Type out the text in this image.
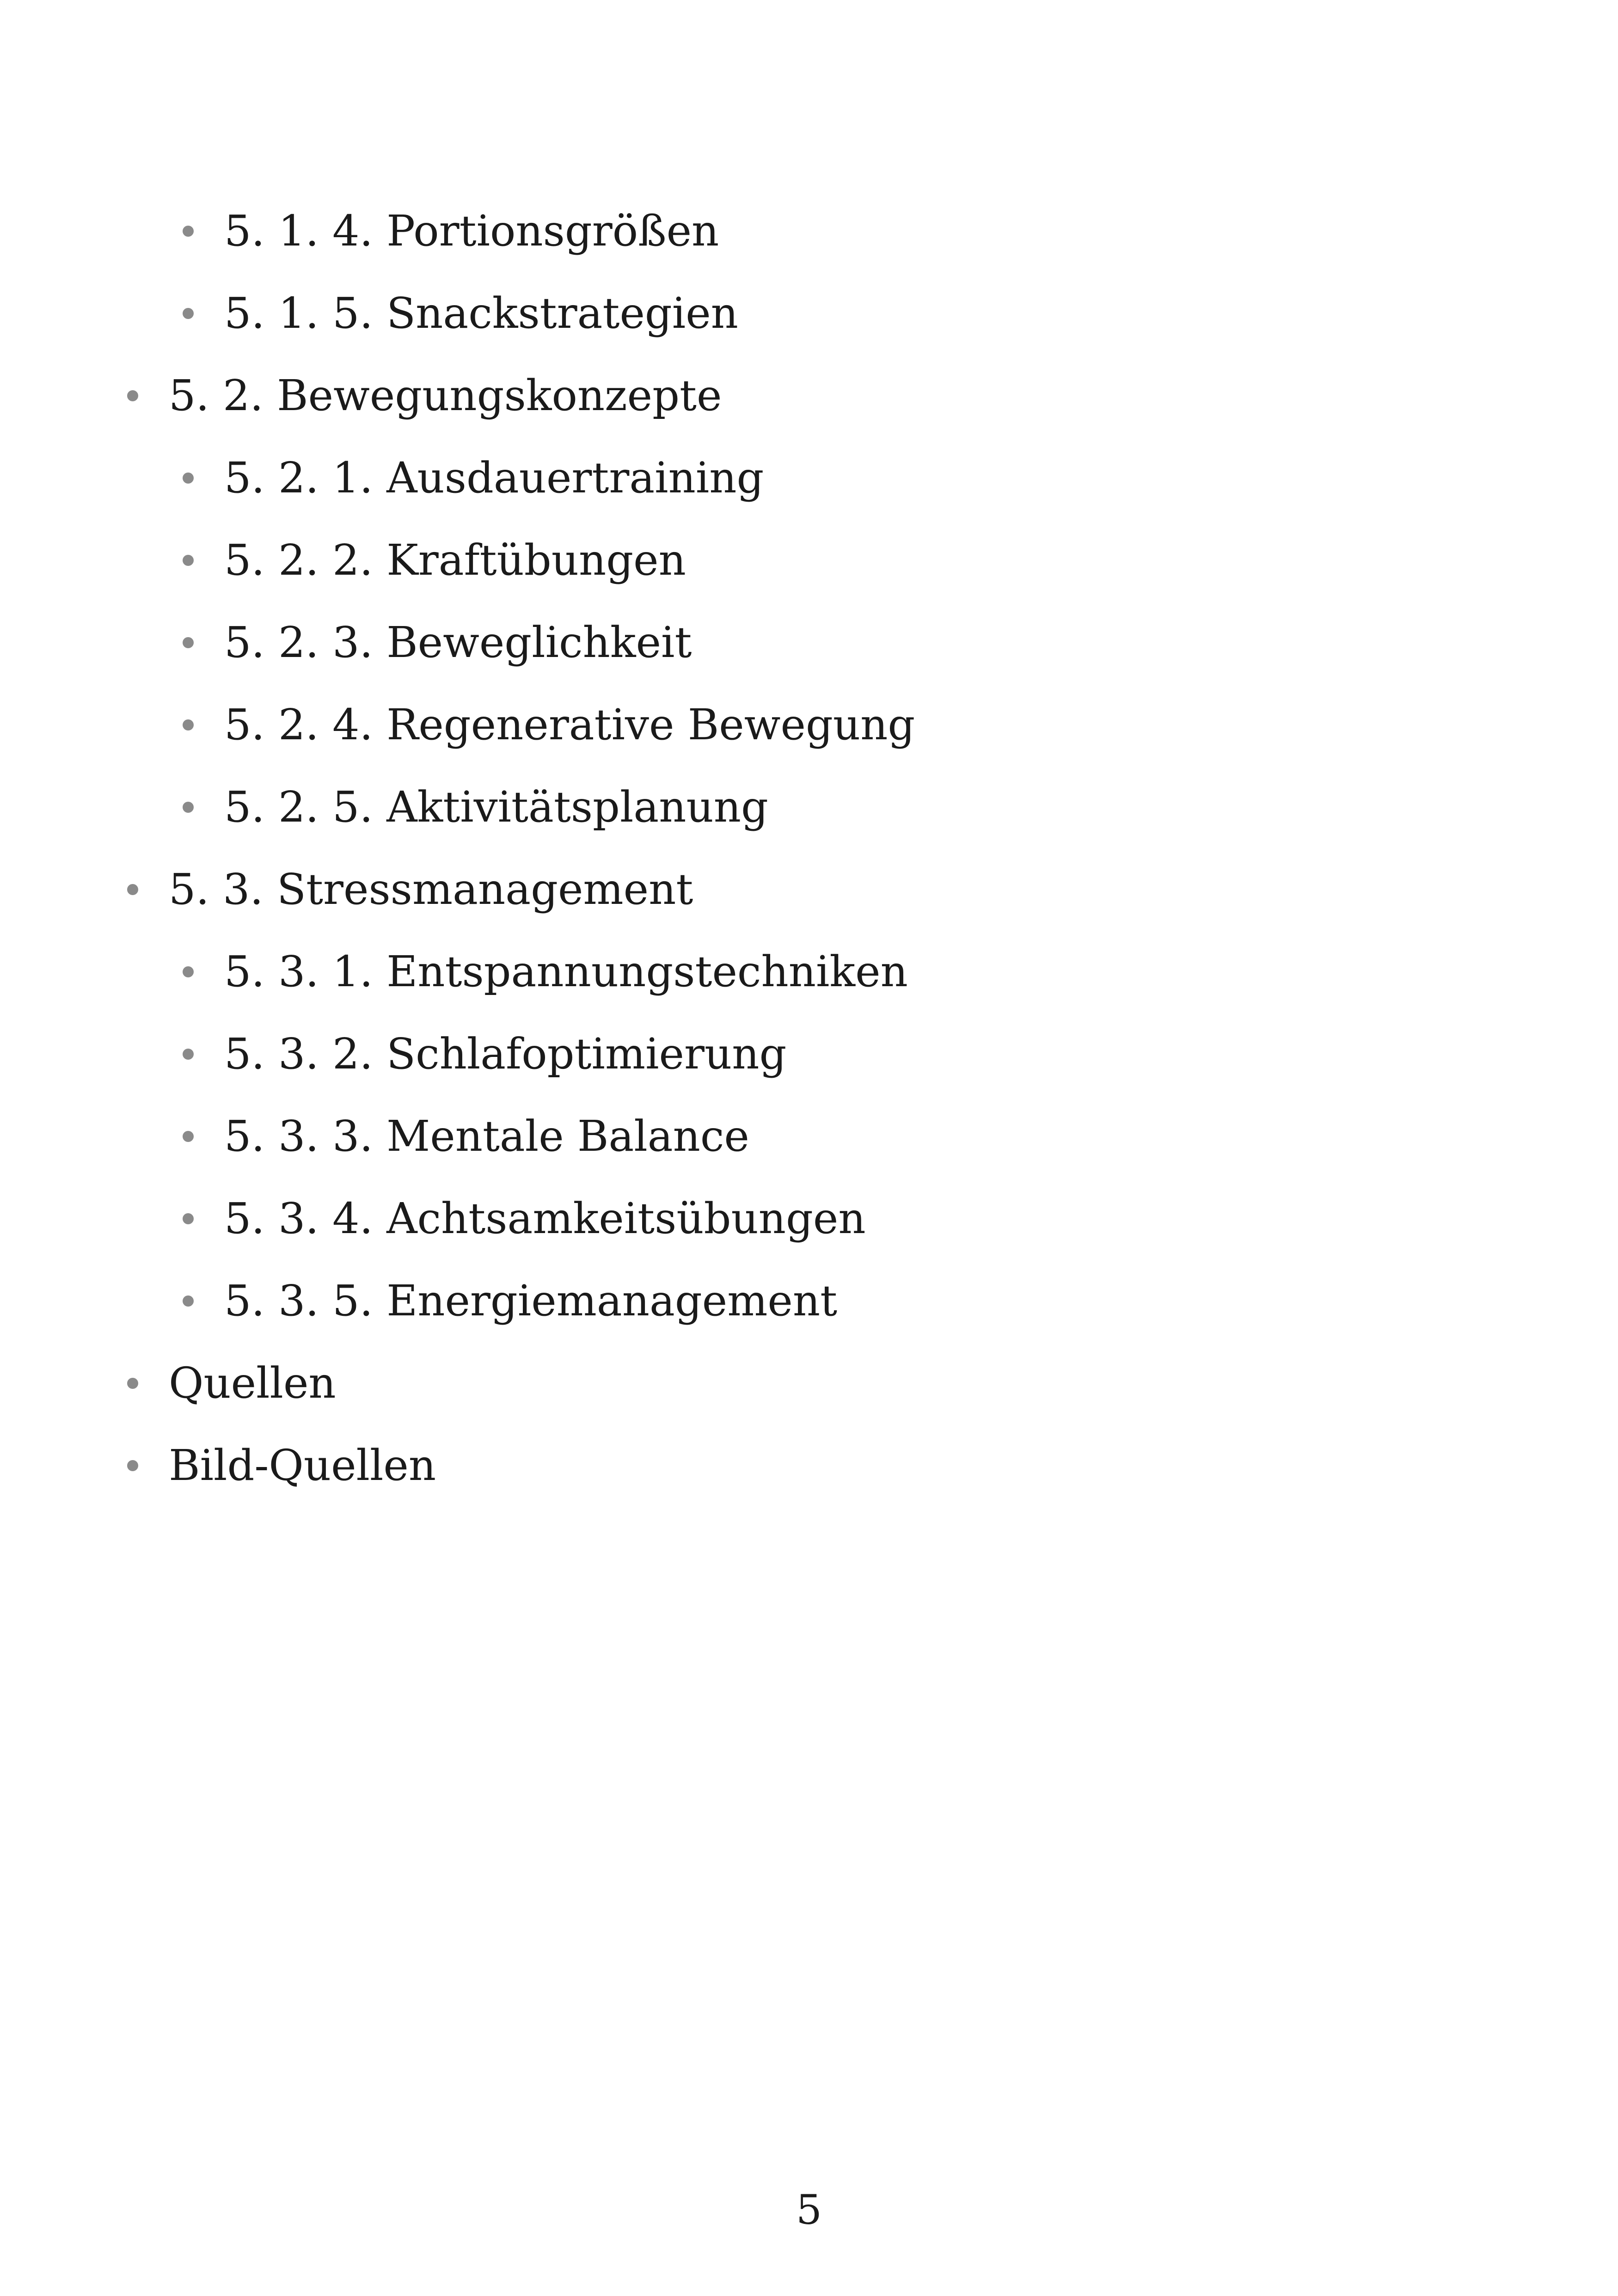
5. 1. 4. Portionsgrößen
5. 1. 5. Snackstrategien
5. 2. Bewegungskonzepte
5. 2. 1. Ausdauertraining
5. 2. 2. Kraftübungen
5. 2. 3. Beweglichkeit
5. 2. 4. Regenerative Bewegung
5. 2. 5. Aktivitätsplanung
5. 3. Stressmanagement
5. 3. 1. Entspannungstechniken
5. 3. 2. Schlafoptimierung
5. 3. 3. Mentale Balance
5. 3. 4. Achtsamkeitsübungen
5. 3. 5. Energiemanagement
Quellen
Bild-Quellen
5
